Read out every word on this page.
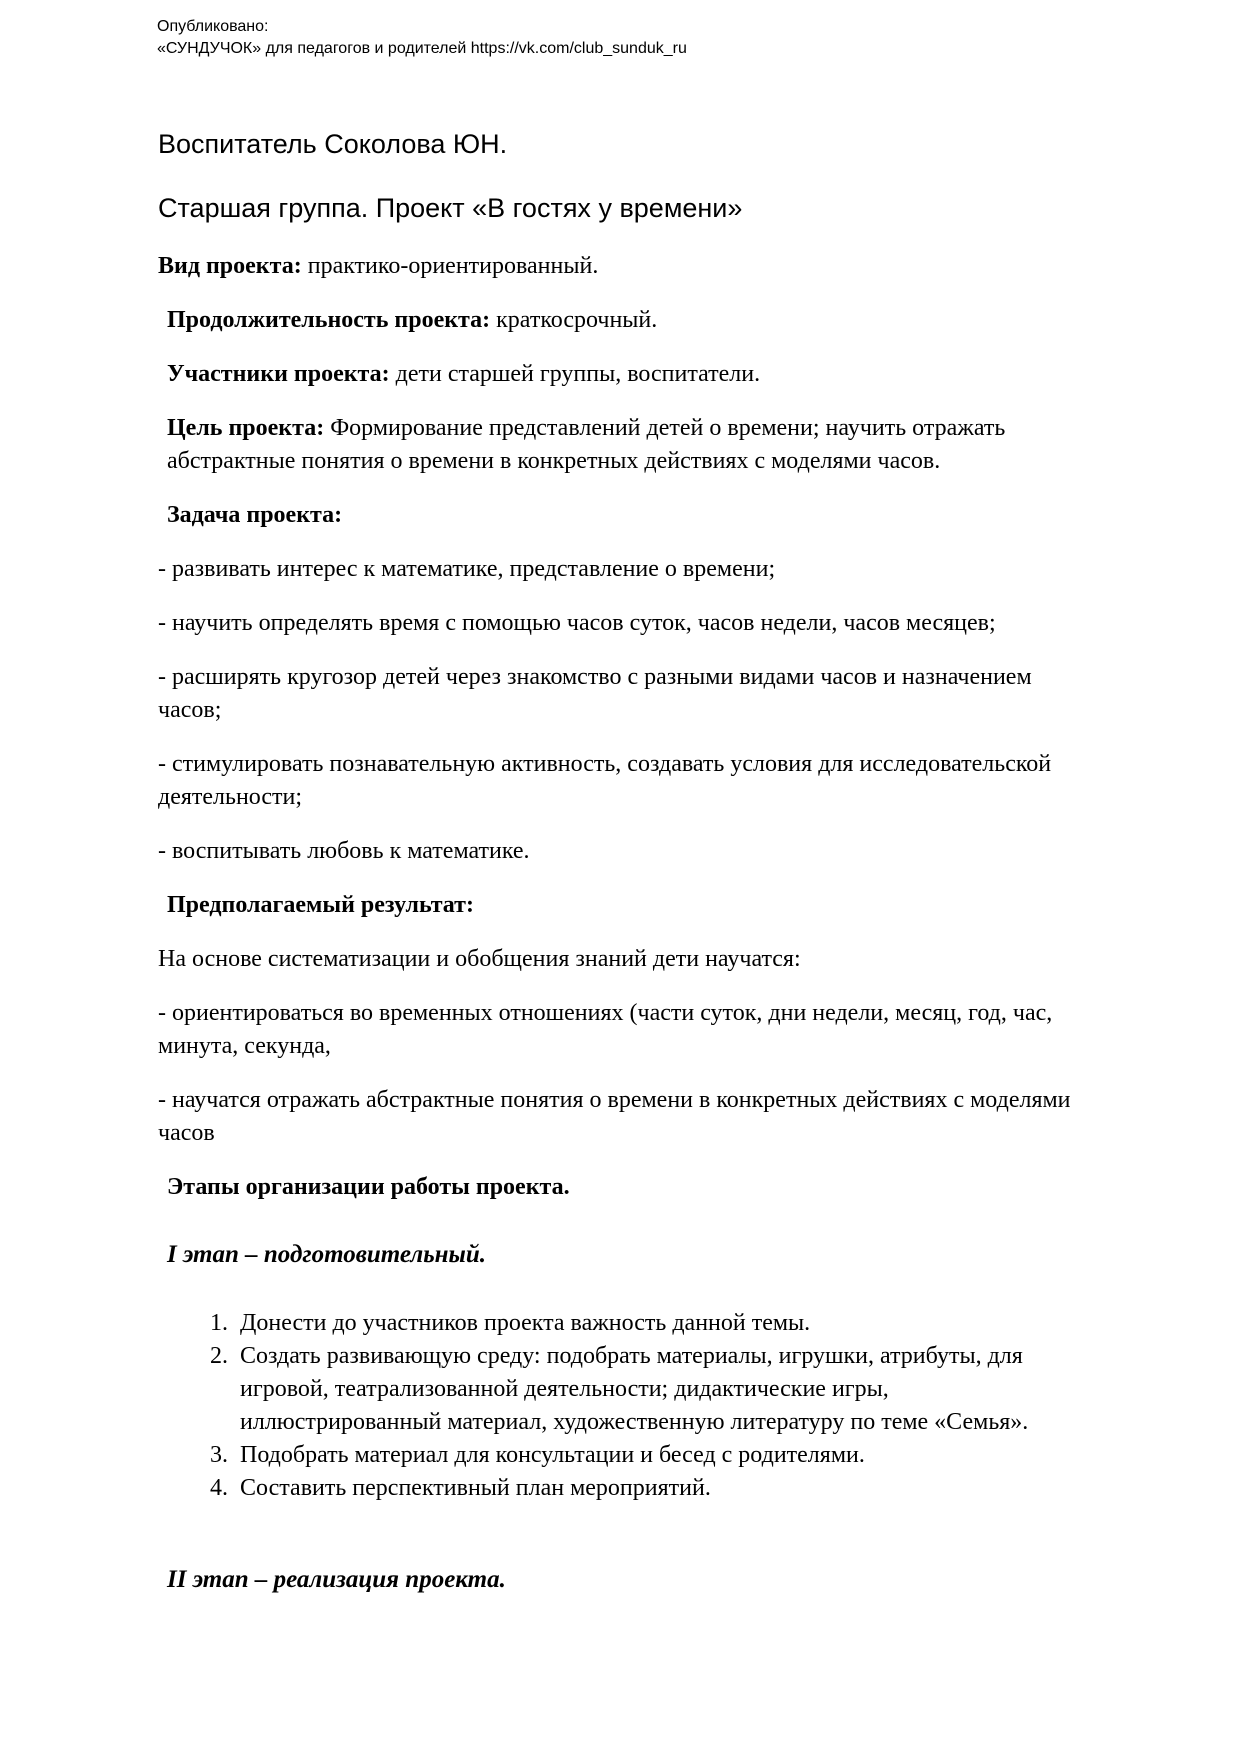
Опубликовано:
«СУНДУЧОК» для педагогов и родителей https://vk.com/club_sunduk_ru

Воспитатель Соколова ЮН.

Старшая группа. Проект «В гостях у времени»

Вид проекта: практико-ориентированный.

Продолжительность проекта: краткосрочный.

Участники проекта: дети старшей группы, воспитатели.

Цель проекта: Формирование представлений детей о времени; научить отражать абстрактные понятия о времени в конкретных действиях с моделями часов.

Задача проекта:

- развивать интерес к математике, представление о времени;

- научить определять время с помощью часов суток, часов недели, часов месяцев;

- расширять кругозор детей через знакомство с разными видами часов и назначением часов;

- стимулировать познавательную активность, создавать условия для исследовательской деятельности;

- воспитывать любовь к математике.

Предполагаемый результат:

На основе систематизации и обобщения знаний дети научатся:

- ориентироваться во временных отношениях (части суток, дни недели, месяц, год, час, минута, секунда,

- научатся отражать абстрактные понятия о времени в конкретных действиях с моделями часов

Этапы организации работы проекта.

I этап – подготовительный.

1. Донести до участников проекта важность данной темы.
2. Создать развивающую среду: подобрать материалы, игрушки, атрибуты, для игровой, театрализованной деятельности; дидактические игры, иллюстрированный материал, художественную литературу по теме «Семья».
3. Подобрать материал для консультации и бесед с родителями.
4. Составить перспективный план мероприятий.

II этап – реализация проекта.
